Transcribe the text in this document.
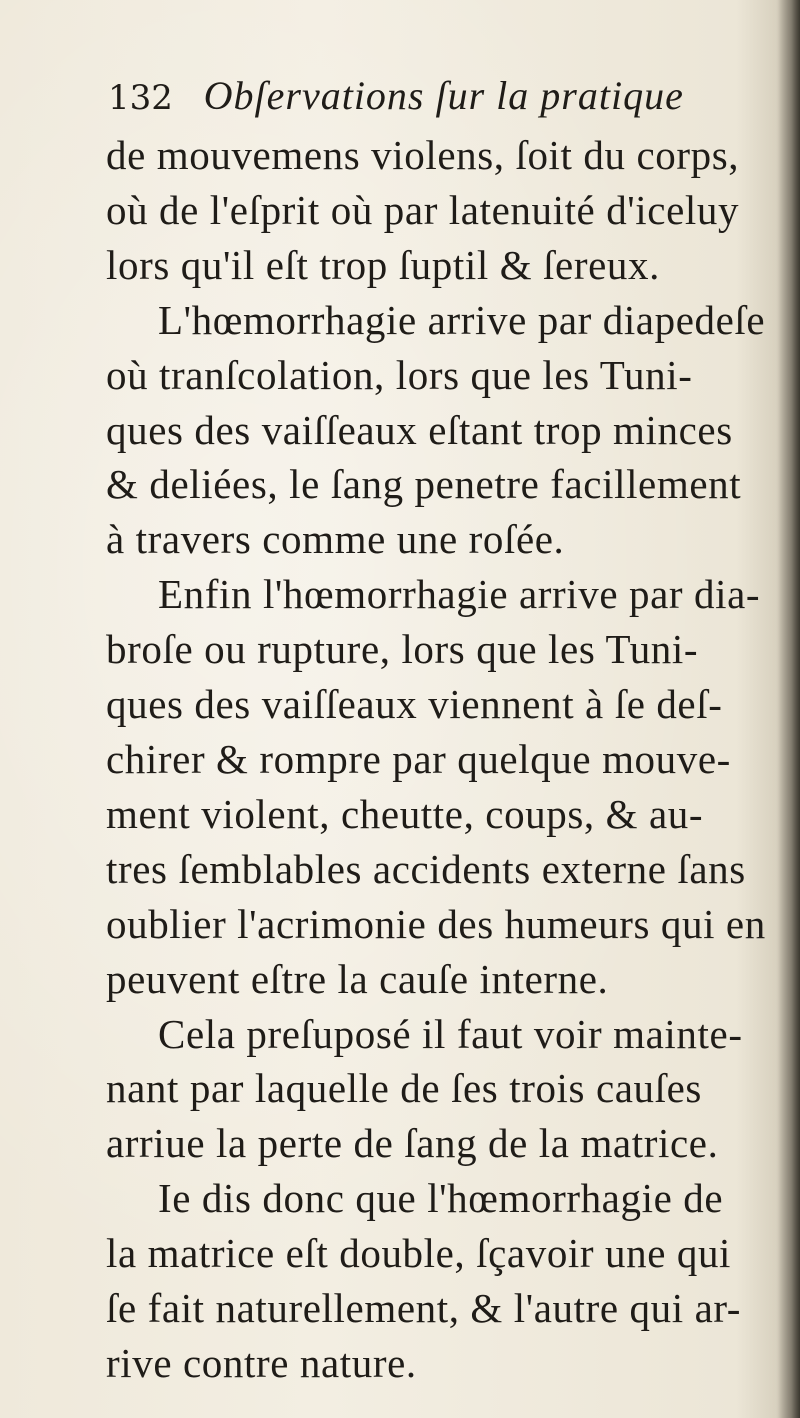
132 Obſervations ſur la pratique
de mouvemens violens, ſoit du corps,
où de l'eſprit où par latenuité d'iceluy
lors qu'il eſt trop ſuptil & ſereux.
L'hœmorrhagie arrive par diapedeſe
où tranſcolation, lors que les Tuni-
ques des vaiſſeaux eſtant trop minces
& deliées, le ſang penetre facillement
à travers comme une roſée.
Enfin l'hœmorrhagie arrive par dia-
broſe ou rupture, lors que les Tuni-
ques des vaiſſeaux viennent à ſe deſ-
chirer & rompre par quelque mouve-
ment violent, cheutte, coups, & au-
tres ſemblables accidents externe ſans
oublier l'acrimonie des humeurs qui en
peuvent eſtre la cauſe interne.
Cela preſuposé il faut voir mainte-
nant par laquelle de ſes trois cauſes
arriue la perte de ſang de la matrice.
Ie dis donc que l'hœmorrhagie de
la matrice eſt double, ſçavoir une qui
ſe fait naturellement, & l'autre qui ar-
rive contre nature.
